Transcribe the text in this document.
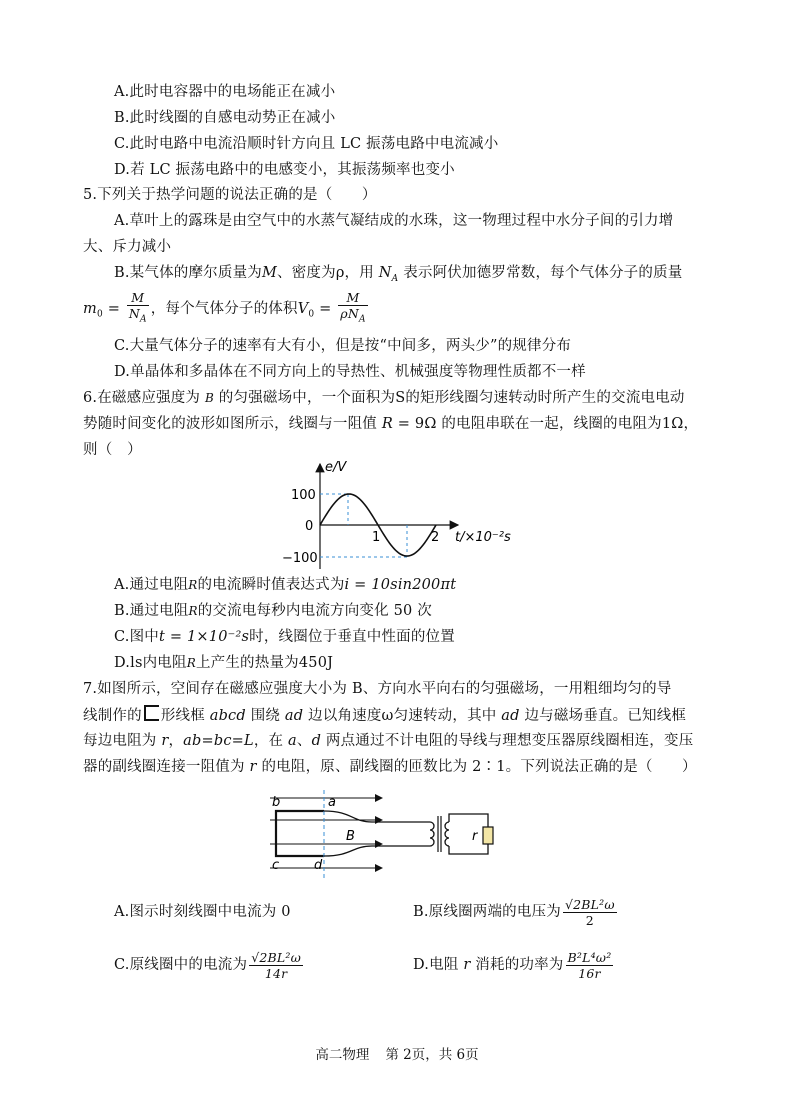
A.此时电容器中的电场能正在减小
B.此时线圈的自感电动势正在减小
C.此时电路中电流沿顺时针方向且 LC 振荡电路中电流减小
D.若 LC 振荡电路中的电感变小，其振荡频率也变小
5.下列关于热学问题的说法正确的是（　　）
A.草叶上的露珠是由空气中的水蒸气凝结成的水珠，这一物理过程中水分子间的引力增
大、斥力减小
B.某气体的摩尔质量为M、密度为ρ，用 $N_A$ 表示阿伏加德罗常数，每个气体分子的质量
$m_0 = \frac{M}{N_A}$ ，每个气体分子的体积$V_0 = \frac{M}{\rho N_A}$
C.大量气体分子的速率有大有小，但是按“中间多，两头少”的规律分布
D.单晶体和多晶体在不同方向上的导热性、机械强度等物理性质都不一样
6.在磁感应强度为 B 的匀强磁场中，一个面积为S的矩形线圈匀速转动时所产生的交流电电动
势随时间变化的波形如图所示，线圈与一阻值 R = 9Ω 的电阻串联在一起，线圈的电阻为1Ω，
则（　）
e/V
100
0
−100
1	2 t/×10⁻²s
A.通过电阻R的电流瞬时值表达式为i = 10sin200πt
B.通过电阻R的交流电每秒内电流方向变化 50 次
C.图中t = 1×10⁻²s时，线圈位于垂直中性面的位置
D.ls内电阻R上产生的热量为450J
7.如图所示，空间存在磁感应强度大小为 B、方向水平向右的匀强磁场，一用粗细均匀的导
线制作的 形线框 abcd 围绕 ad 边以角速度ω匀速转动，其中 ad 边与磁场垂直。已知线框
每边电阻为 r，ab=bc=L，在 a、d 两点通过不计电阻的导线与理想变压器原线圈相连，变压
器的副线圈连接一阻值为 r 的电阻，原、副线圈的匝数比为 2∶1。下列说法正确的是（　　）
b	a
B
c	d
r
A.图示时刻线圈中电流为 0	B.原线圈两端的电压为 $\frac{\text{√2BL²ω}}{2}$
C.原线圈中的电流为 $\frac{\text{√2BL²ω}}{14r}$	D.电阻 r 消耗的功率为 $\frac{\text{B²L⁴ω²}}{16r}$
高二物理 第 2页，共 6页
